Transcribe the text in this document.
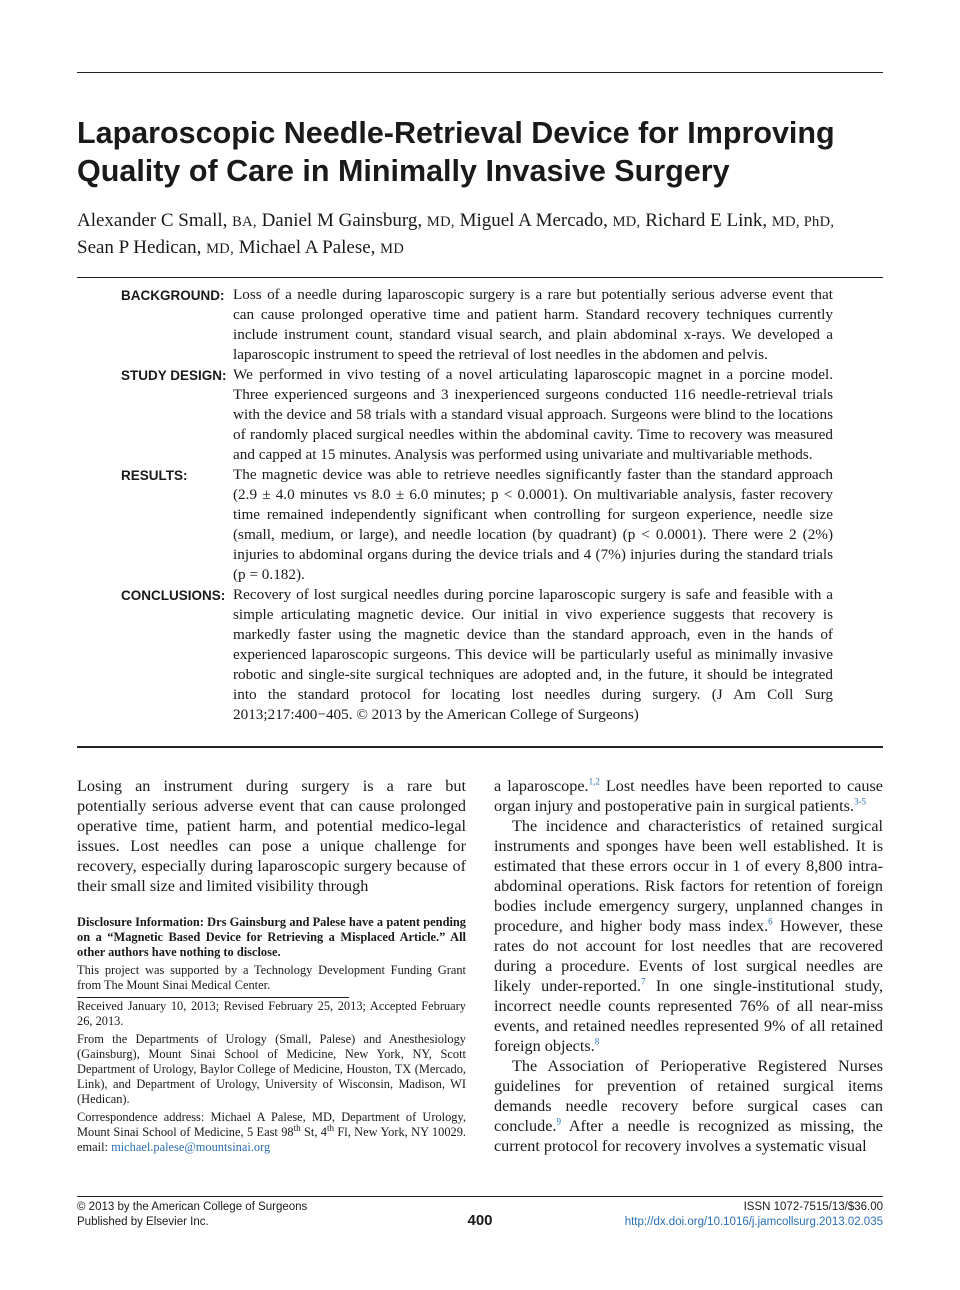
Laparoscopic Needle-Retrieval Device for Improving Quality of Care in Minimally Invasive Surgery
Alexander C Small, BA, Daniel M Gainsburg, MD, Miguel A Mercado, MD, Richard E Link, MD, PhD,
Sean P Hedican, MD, Michael A Palese, MD
BACKGROUND: Loss of a needle during laparoscopic surgery is a rare but potentially serious adverse event that can cause prolonged operative time and patient harm. Standard recovery techniques currently include instrument count, standard visual search, and plain abdominal x-rays. We developed a laparoscopic instrument to speed the retrieval of lost needles in the abdomen and pelvis.
STUDY DESIGN: We performed in vivo testing of a novel articulating laparoscopic magnet in a porcine model. Three experienced surgeons and 3 inexperienced surgeons conducted 116 needle-retrieval trials with the device and 58 trials with a standard visual approach. Surgeons were blind to the locations of randomly placed surgical needles within the abdominal cavity. Time to recovery was measured and capped at 15 minutes. Analysis was performed using univariate and multivariable methods.
RESULTS:	The magnetic device was able to retrieve needles significantly faster than the standard approach (2.9 ± 4.0 minutes vs 8.0 ± 6.0 minutes; p < 0.0001). On multivariable analysis, faster recovery time remained independently significant when controlling for surgeon experience, needle size (small, medium, or large), and needle location (by quadrant) (p < 0.0001). There were 2 (2%) injuries to abdominal organs during the device trials and 4 (7%) injuries during the standard trials (p = 0.182).
CONCLUSIONS: Recovery of lost surgical needles during porcine laparoscopic surgery is safe and feasible with a simple articulating magnetic device. Our initial in vivo experience suggests that recovery is markedly faster using the magnetic device than the standard approach, even in the hands of experienced laparoscopic surgeons. This device will be particularly useful as minimally invasive robotic and single-site surgical techniques are adopted and, in the future, it should be integrated into the standard protocol for locating lost needles during surgery. (J Am Coll Surg 2013;217:400−405. © 2013 by the American College of Surgeons)

Losing an instrument during surgery is a rare but potentially serious adverse event that can cause prolonged operative time, patient harm, and potential medico-legal issues. Lost needles can pose a unique challenge for recovery, especially during laparoscopic surgery because of their small size and limited visibility through

Disclosure Information: Drs Gainsburg and Palese have a patent pending on a “Magnetic Based Device for Retrieving a Misplaced Article.” All other authors have nothing to disclose.

This project was supported by a Technology Development Funding Grant from The Mount Sinai Medical Center.

Received January 10, 2013; Revised February 25, 2013; Accepted February 26, 2013.

From the Departments of Urology (Small, Palese) and Anesthesiology (Gainsburg), Mount Sinai School of Medicine, New York, NY, Scott Department of Urology, Baylor College of Medicine, Houston, TX (Mercado, Link), and Department of Urology, University of Wisconsin, Madison, WI (Hedican).

Correspondence address: Michael A Palese, MD, Department of Urology, Mount Sinai School of Medicine, 5 East 98th St, 4th Fl, New York, NY 10029. email: michael.palese@mountsinai.org

a laparoscope.$^{1,2}$ Lost needles have been reported to cause organ injury and postoperative pain in surgical patients.$^{3-5}$

The incidence and characteristics of retained surgical instruments and sponges have been well established. It is estimated that these errors occur in 1 of every 8,800 intra-abdominal operations. Risk factors for retention of foreign bodies include emergency surgery, unplanned changes in procedure, and higher body mass index.$^6$ However, these rates do not account for lost needles that are recovered during a procedure. Events of lost surgical needles are likely under-reported.$^7$ In one single-institutional study, incorrect needle counts represented 76% of all near-miss events, and retained needles represented 9% of all retained foreign objects.$^8$

The Association of Perioperative Registered Nurses guidelines for prevention of retained surgical items demands needle recovery before surgical cases can conclude.$^9$ After a needle is recognized as missing, the current protocol for recovery involves a systematic visual

© 2013 by the American College of Surgeons
Published by Elsevier Inc.	400
ISSN 1072-7515/13/$36.00
http://dx.doi.org/10.1016/j.jamcollsurg.2013.02.035
